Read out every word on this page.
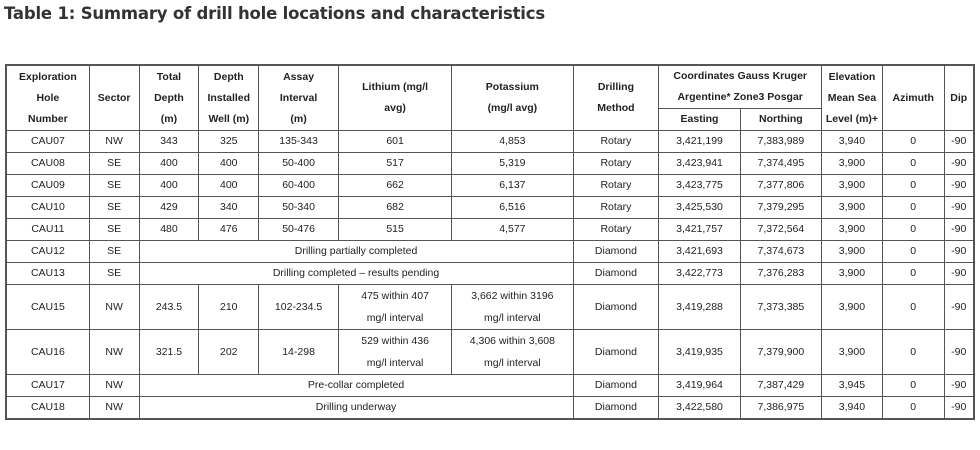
Table 1: Summary of drill hole locations and characteristics
Exploration Hole Number	Sector	Total Depth (m)	Depth Installed Well (m)	Assay Interval (m)	Lithium (mg/l avg)	Potassium (mg/l avg)	Drilling Method	Coordinates Gauss Kruger Argentine* Zone3 Posgar		Elevation Mean Sea Level (m)+	Azimuth	Dip
								Easting	Northing			
CAU07	NW	343	325	135-343	601	4,853	Rotary	3,421,199	7,383,989	3,940	0	-90
CAU08	SE	400	400	50-400	517	5,319	Rotary	3,423,941	7,374,495	3,900	0	-90
CAU09	SE	400	400	60-400	662	6,137	Rotary	3,423,775	7,377,806	3,900	0	-90
CAU10	SE	429	340	50-340	682	6,516	Rotary	3,425,530	7,379,295	3,900	0	-90
CAU11	SE	480	476	50-476	515	4,577	Rotary	3,421,757	7,372,564	3,900	0	-90
CAU12	SE	Drilling partially completed					Diamond	3,421,693	7,374,673	3,900	0	-90
CAU13	SE	Drilling completed – results pending					Diamond	3,422,773	7,376,283	3,900	0	-90
CAU15	NW	243.5	210	102-234.5	475 within 407 mg/l interval	3,662 within 3196 mg/l interval	Diamond	3,419,288	7,373,385	3,900	0	-90
CAU16	NW	321.5	202	14-298	529 within 436 mg/l interval	4,306 within 3,608 mg/l interval	Diamond	3,419,935	7,379,900	3,900	0	-90
CAU17	NW	Pre-collar completed					Diamond	3,419,964	7,387,429	3,945	0	-90
CAU18	NW	Drilling underway					Diamond	3,422,580	7,386,975	3,940	0	-90
